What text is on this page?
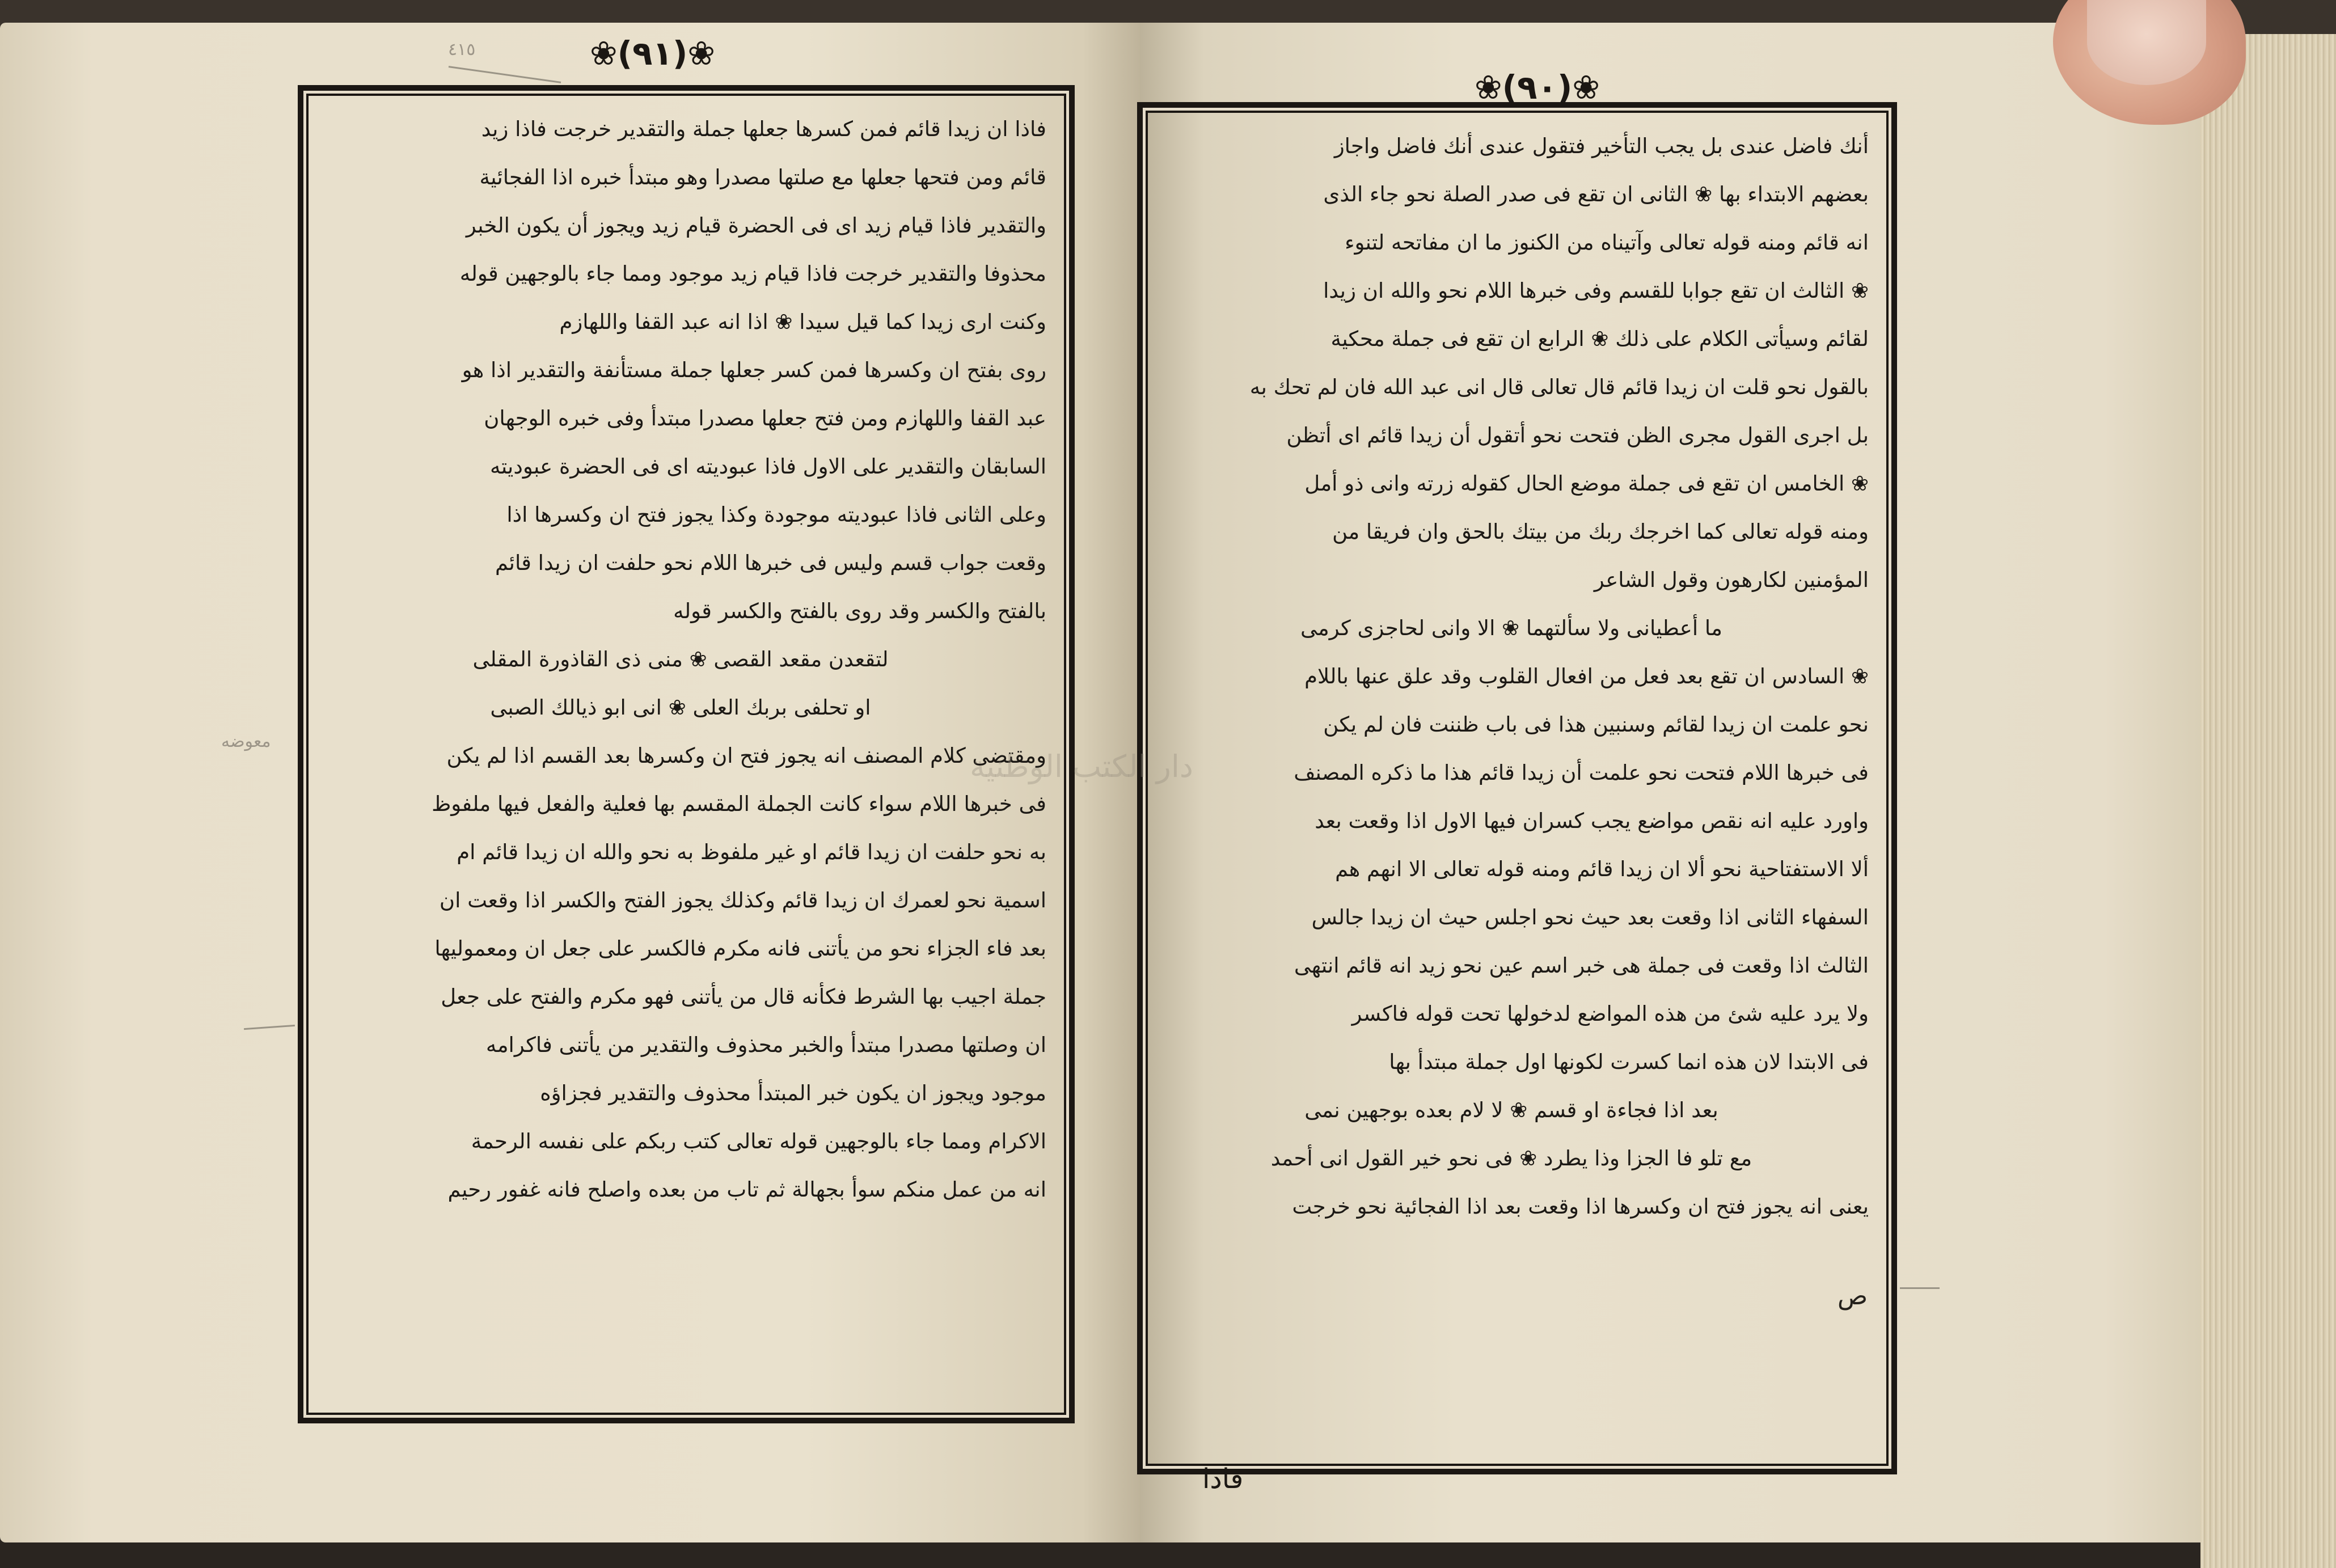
❀(٩١)❀
٤١٥
معوضه

فاذا ان زيدا قائم فمن كسرها جعلها جملة والتقدير خرجت فاذا زيد

قائم ومن فتحها جعلها مع صلتها مصدرا وهو مبتدأ خبره اذا الفجائية

والتقدير فاذا قيام زيد اى فى الحضرة قيام زيد ويجوز أن يكون الخبر

محذوفا والتقدير خرجت فاذا قيام زيد موجود ومما جاء بالوجهين قوله

وكنت ارى زيدا كما قيل سيدا ❀ اذا انه عبد القفا واللهازم

روى بفتح ان وكسرها فمن كسر جعلها جملة مستأنفة والتقدير اذا هو

عبد القفا واللهازم ومن فتح جعلها مصدرا مبتدأ وفى خبره الوجهان

السابقان والتقدير على الاول فاذا عبوديته اى فى الحضرة عبوديته

وعلى الثانى فاذا عبوديته موجودة وكذا يجوز فتح ان وكسرها اذا

وقعت جواب قسم وليس فى خبرها اللام نحو حلفت ان زيدا قائم

بالفتح والكسر وقد روى بالفتح والكسر قوله

لتقعدن مقعد القصى ❀ منى ذى القاذورة المقلى

او تحلفى بربك العلى ❀ انى ابو ذيالك الصبى

ومقتضى كلام المصنف انه يجوز فتح ان وكسرها بعد القسم اذا لم يكن

فى خبرها اللام سواء كانت الجملة المقسم بها فعلية والفعل فيها ملفوظ

به نحو حلفت ان زيدا قائم او غير ملفوظ به نحو والله ان زيدا قائم ام

اسمية نحو لعمرك ان زيدا قائم وكذلك يجوز الفتح والكسر اذا وقعت ان

بعد فاء الجزاء نحو من يأتنى فانه مكرم فالكسر على جعل ان ومعموليها

جملة اجيب بها الشرط فكأنه قال من يأتنى فهو مكرم والفتح على جعل

ان وصلتها مصدرا مبتدأ والخبر محذوف والتقدير من يأتنى فاكرامه

موجود ويجوز ان يكون خبر المبتدأ محذوف والتقدير فجزاؤه

الاكرام ومما جاء بالوجهين قوله تعالى كتب ربكم على نفسه الرحمة

انه من عمل منكم سوأ بجهالة ثم تاب من بعده واصلح فانه غفور رحيم

❀(٩٠)❀

أنك فاضل عندى بل يجب التأخير فتقول عندى أنك فاضل واجاز

بعضهم الابتداء بها ❀ الثانى ان تقع فى صدر الصلة نحو جاء الذى

انه قائم ومنه قوله تعالى وآتيناه من الكنوز ما ان مفاتحه لتنوء

❀ الثالث ان تقع جوابا للقسم وفى خبرها اللام نحو والله ان زيدا

لقائم وسيأتى الكلام على ذلك ❀ الرابع ان تقع فى جملة محكية

بالقول نحو قلت ان زيدا قائم قال تعالى قال انى عبد الله فان لم تحك به

بل اجرى القول مجرى الظن فتحت نحو أتقول أن زيدا قائم اى أتظن

❀ الخامس ان تقع فى جملة موضع الحال كقوله زرته وانى ذو أمل

ومنه قوله تعالى كما اخرجك ربك من بيتك بالحق وان فريقا من

المؤمنين لكارهون وقول الشاعر

ما أعطيانى ولا سألتهما ❀ الا وانى لحاجزى كرمى

❀ السادس ان تقع بعد فعل من افعال القلوب وقد علق عنها باللام

نحو علمت ان زيدا لقائم وسنبين هذا فى باب ظننت فان لم يكن

فى خبرها اللام فتحت نحو علمت أن زيدا قائم هذا ما ذكره المصنف

واورد عليه انه نقص مواضع يجب كسران فيها الاول اذا وقعت بعد

ألا الاستفتاحية نحو ألا ان زيدا قائم ومنه قوله تعالى الا انهم هم

السفهاء الثانى اذا وقعت بعد حيث نحو اجلس حيث ان زيدا جالس

الثالث اذا وقعت فى جملة هى خبر اسم عين نحو زيد انه قائم انتهى

ولا يرد عليه شئ من هذه المواضع لدخولها تحت قوله فاكسر

فى الابتدا لان هذه انما كسرت لكونها اول جملة مبتدأ بها

بعد اذا فجاءة او قسم ❀ لا لام بعده بوجهين نمى

مع تلو فا الجزا وذا يطرد ❀ فى نحو خير القول انى أحمد

يعنى انه يجوز فتح ان وكسرها اذا وقعت بعد اذا الفجائية نحو خرجت

ص
فاذا
دار الكتب الوطنية
